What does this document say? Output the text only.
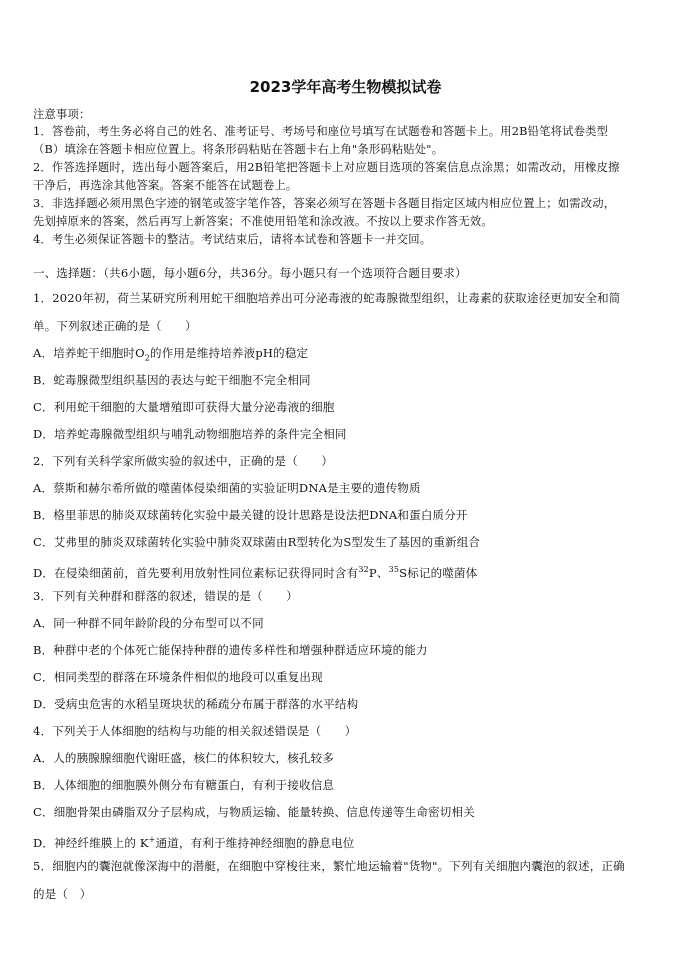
2023学年高考生物模拟试卷
注意事项：
1．答卷前，考生务必将自己的姓名、准考证号、考场号和座位号填写在试题卷和答题卡上。用2B铅笔将试卷类型
（B）填涂在答题卡相应位置上。将条形码粘贴在答题卡右上角"条形码粘贴处"。
2．作答选择题时，选出每小题答案后，用2B铅笔把答题卡上对应题目选项的答案信息点涂黑；如需改动，用橡皮擦
干净后，再选涂其他答案。答案不能答在试题卷上。
3．非选择题必须用黑色字迹的钢笔或签字笔作答，答案必须写在答题卡各题目指定区域内相应位置上；如需改动，
先划掉原来的答案，然后再写上新答案；不准使用铅笔和涂改液。不按以上要求作答无效。
4．考生必须保证答题卡的整洁。考试结束后，请将本试卷和答题卡一并交回。
一、选择题：（共6小题，每小题6分，共36分。每小题只有一个选项符合题目要求）
1．2020年初，荷兰某研究所利用蛇干细胞培养出可分泌毒液的蛇毒腺微型组织，让毒素的获取途径更加安全和简
单。下列叙述正确的是（　　）
A．培养蛇干细胞时$O_2$的作用是维持培养液pH的稳定
B．蛇毒腺微型组织基因的表达与蛇干细胞不完全相同
C．利用蛇干细胞的大量增殖即可获得大量分泌毒液的细胞
D．培养蛇毒腺微型组织与哺乳动物细胞培养的条件完全相同
2．下列有关科学家所做实验的叙述中，正确的是（　　）
A．蔡斯和赫尔希所做的噬菌体侵染细菌的实验证明DNA是主要的遗传物质
B．格里菲思的肺炎双球菌转化实验中最关键的设计思路是设法把DNA和蛋白质分开
C．艾弗里的肺炎双球菌转化实验中肺炎双球菌由R型转化为S型发生了基因的重新组合
D．在侵染细菌前，首先要利用放射性同位素标记获得同时含有$^{32}$P、$^{35}$S标记的噬菌体
3．下列有关种群和群落的叙述，错误的是（　　）
A．同一种群不同年龄阶段的分布型可以不同
B．种群中老的个体死亡能保持种群的遗传多样性和增强种群适应环境的能力
C．相同类型的群落在环境条件相似的地段可以重复出现
D．受病虫危害的水稻呈斑块状的稀疏分布属于群落的水平结构
4．下列关于人体细胞的结构与功能的相关叙述错误是（　　）
A．人的胰腺腺细胞代谢旺盛，核仁的体积较大，核孔较多
B．人体细胞的细胞膜外侧分布有糖蛋白，有利于接收信息
C．细胞骨架由磷脂双分子层构成，与物质运输、能量转换、信息传递等生命密切相关
D．神经纤维膜上的 K+通道，有利于维持神经细胞的静息电位
5．细胞内的囊泡就像深海中的潜艇，在细胞中穿梭往来，繁忙地运输着"货物"。下列有关细胞内囊泡的叙述，正确
的是（　）
